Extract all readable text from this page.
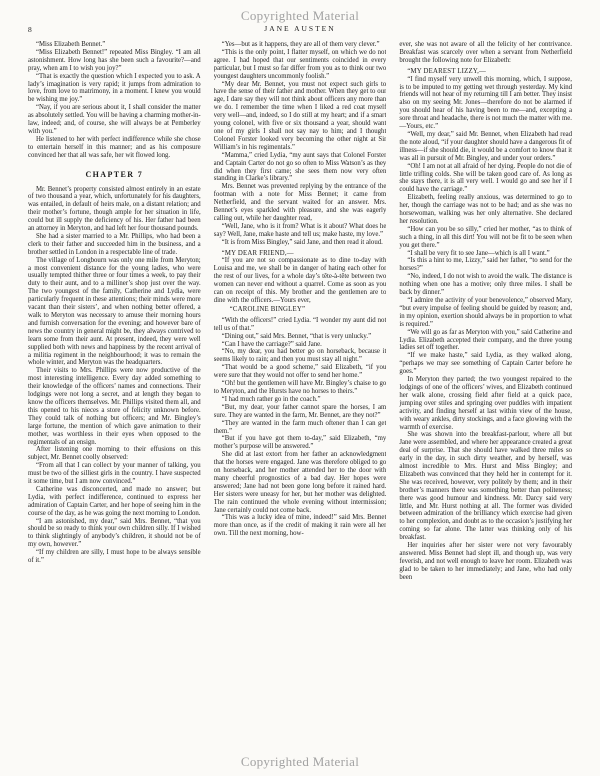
Copyrighted Material
8	JANE AUSTEN

“Miss Elizabeth Bennet.”

“Miss Elizabeth Bennet!” repeated Miss Bingley. “I am all astonishment. How long has she been such a favourite?—and pray, when am I to wish you joy?”

“That is exactly the question which I expected you to ask. A lady’s imagination is very rapid; it jumps from admiration to love, from love to matrimony, in a moment. I knew you would be wishing me joy.”

“Nay, if you are serious about it, I shall consider the matter as absolutely settled. You will be having a charming mother-in-law, indeed; and, of course, she will always be at Pemberley with you.”

He listened to her with perfect indifference while she chose to entertain herself in this manner; and as his composure convinced her that all was safe, her wit flowed long.

CHAPTER 7

Mr. Bennet’s property consisted almost entirely in an estate of two thousand a year, which, unfortunately for his daughters, was entailed, in default of heirs male, on a distant relation; and their mother’s fortune, though ample for her situation in life, could but ill supply the deficiency of his. Her father had been an attorney in Meryton, and had left her four thousand pounds.

She had a sister married to a Mr. Phillips, who had been a clerk to their father and succeeded him in the business, and a brother settled in London in a respectable line of trade.

The village of Longbourn was only one mile from Meryton; a most convenient distance for the young ladies, who were usually tempted thither three or four times a week, to pay their duty to their aunt, and to a milliner’s shop just over the way. The two youngest of the family, Catherine and Lydia, were particularly frequent in these attentions; their minds were more vacant than their sisters’, and when nothing better offered, a walk to Meryton was necessary to amuse their morning hours and furnish conversation for the evening; and however bare of news the country in general might be, they always contrived to learn some from their aunt. At present, indeed, they were well supplied both with news and happiness by the recent arrival of a militia regiment in the neighbourhood; it was to remain the whole winter, and Meryton was the headquarters.

Their visits to Mrs. Phillips were now productive of the most interesting intelligence. Every day added something to their knowledge of the officers’ names and connections. Their lodgings were not long a secret, and at length they began to know the officers themselves. Mr. Phillips visited them all, and this opened to his nieces a store of felicity unknown before. They could talk of nothing but officers; and Mr. Bingley’s large fortune, the mention of which gave animation to their mother, was worthless in their eyes when opposed to the regimentals of an ensign.

After listening one morning to their effusions on this subject, Mr. Bennet coolly observed:

“From all that I can collect by your manner of talking, you must be two of the silliest girls in the country. I have suspected it some time, but I am now convinced.”

Catherine was disconcerted, and made no answer; but Lydia, with perfect indifference, continued to express her admiration of Captain Carter, and her hope of seeing him in the course of the day, as he was going the next morning to London.

“I am astonished, my dear,” said Mrs. Bennet, “that you should be so ready to think your own children silly. If I wished to think slightingly of anybody’s children, it should not be of my own, however.”

“If my children are silly, I must hope to be always sensible of it.”

“Yes—but as it happens, they are all of them very clever.”

“This is the only point, I flatter myself, on which we do not agree. I had hoped that our sentiments coincided in every particular, but I must so far differ from you as to think our two youngest daughters uncommonly foolish.”

“My dear Mr. Bennet, you must not expect such girls to have the sense of their father and mother. When they get to our age, I dare say they will not think about officers any more than we do. I remember the time when I liked a red coat myself very well—and, indeed, so I do still at my heart; and if a smart young colonel, with five or six thousand a year, should want one of my girls I shall not say nay to him; and I thought Colonel Forster looked very becoming the other night at Sir William’s in his regimentals.”

“Mamma,” cried Lydia, “my aunt says that Colonel Forster and Captain Carter do not go so often to Miss Watson’s as they did when they first came; she sees them now very often standing in Clarke’s library.”

Mrs. Bennet was prevented replying by the entrance of the footman with a note for Miss Bennet; it came from Netherfield, and the servant waited for an answer. Mrs. Bennet’s eyes sparkled with pleasure, and she was eagerly calling out, while her daughter read,

“Well, Jane, who is it from? What is it about? What does he say? Well, Jane, make haste and tell us; make haste, my love.”

“It is from Miss Bingley,” said Jane, and then read it aloud.

“MY DEAR FRIEND,—

“If you are not so compassionate as to dine to-day with Louisa and me, we shall be in danger of hating each other for the rest of our lives, for a whole day’s tête-à-tête between two women can never end without a quarrel. Come as soon as you can on receipt of this. My brother and the gentlemen are to dine with the officers.—Yours ever,

“CAROLINE BINGLEY”

“With the officers!” cried Lydia. “I wonder my aunt did not tell us of that.”

“Dining out,” said Mrs. Bennet, “that is very unlucky.”

“Can I have the carriage?” said Jane.

“No, my dear, you had better go on horseback, because it seems likely to rain; and then you must stay all night.”

“That would be a good scheme,” said Elizabeth, “if you were sure that they would not offer to send her home.”

“Oh! but the gentlemen will have Mr. Bingley’s chaise to go to Meryton, and the Hursts have no horses to theirs.”

“I had much rather go in the coach.”

“But, my dear, your father cannot spare the horses, I am sure. They are wanted in the farm, Mr. Bennet, are they not?”

“They are wanted in the farm much oftener than I can get them.”

“But if you have got them to-day,” said Elizabeth, “my mother’s purpose will be answered.”

She did at last extort from her father an acknowledgment that the horses were engaged. Jane was therefore obliged to go on horseback, and her mother attended her to the door with many cheerful prognostics of a bad day. Her hopes were answered; Jane had not been gone long before it rained hard. Her sisters were uneasy for her, but her mother was delighted. The rain continued the whole evening without intermission; Jane certainly could not come back.

“This was a lucky idea of mine, indeed!” said Mrs. Bennet more than once, as if the credit of making it rain were all her own. Till the next morning, how-

ever, she was not aware of all the felicity of her contrivance. Breakfast was scarcely over when a servant from Netherfield brought the following note for Elizabeth:

“MY DEAREST LIZZY,—

“I find myself very unwell this morning, which, I suppose, is to be imputed to my getting wet through yesterday. My kind friends will not hear of my returning till I am better. They insist also on my seeing Mr. Jones—therefore do not be alarmed if you should hear of his having been to me—and, excepting a sore throat and headache, there is not much the matter with me.—Yours, etc.”

“Well, my dear,” said Mr. Bennet, when Elizabeth had read the note aloud, “if your daughter should have a dangerous fit of illness—if she should die, it would be a comfort to know that it was all in pursuit of Mr. Bingley, and under your orders.”

“Oh! I am not at all afraid of her dying. People do not die of little trifling colds. She will be taken good care of. As long as she stays there, it is all very well. I would go and see her if I could have the carriage.”

Elizabeth, feeling really anxious, was determined to go to her, though the carriage was not to be had; and as she was no horsewoman, walking was her only alternative. She declared her resolution.

“How can you be so silly,” cried her mother, “as to think of such a thing, in all this dirt! You will not be fit to be seen when you get there.”

“I shall be very fit to see Jane—which is all I want.”

“Is this a hint to me, Lizzy,” said her father, “to send for the horses?”

“No, indeed, I do not wish to avoid the walk. The distance is nothing when one has a motive; only three miles. I shall be back by dinner.”

“I admire the activity of your benevolence,” observed Mary, “but every impulse of feeling should be guided by reason; and, in my opinion, exertion should always be in proportion to what is required.”

“We will go as far as Meryton with you,” said Catherine and Lydia. Elizabeth accepted their company, and the three young ladies set off together.

“If we make haste,” said Lydia, as they walked along, “perhaps we may see something of Captain Carter before he goes.”

In Meryton they parted; the two youngest repaired to the lodgings of one of the officers’ wives, and Elizabeth continued her walk alone, crossing field after field at a quick pace, jumping over stiles and springing over puddles with impatient activity, and finding herself at last within view of the house, with weary ankles, dirty stockings, and a face glowing with the warmth of exercise.

She was shown into the breakfast-parlour, where all but Jane were assembled, and where her appearance created a great deal of surprise. That she should have walked three miles so early in the day, in such dirty weather, and by herself, was almost incredible to Mrs. Hurst and Miss Bingley; and Elizabeth was convinced that they held her in contempt for it. She was received, however, very politely by them; and in their brother’s manners there was something better than politeness; there was good humour and kindness. Mr. Darcy said very little, and Mr. Hurst nothing at all. The former was divided between admiration of the brilliancy which exercise had given to her complexion, and doubt as to the occasion’s justifying her coming so far alone. The latter was thinking only of his breakfast.

Her inquiries after her sister were not very favourably answered. Miss Bennet had slept ill, and though up, was very feverish, and not well enough to leave her room. Elizabeth was glad to be taken to her immediately; and Jane, who had only been

Copyrighted Material
